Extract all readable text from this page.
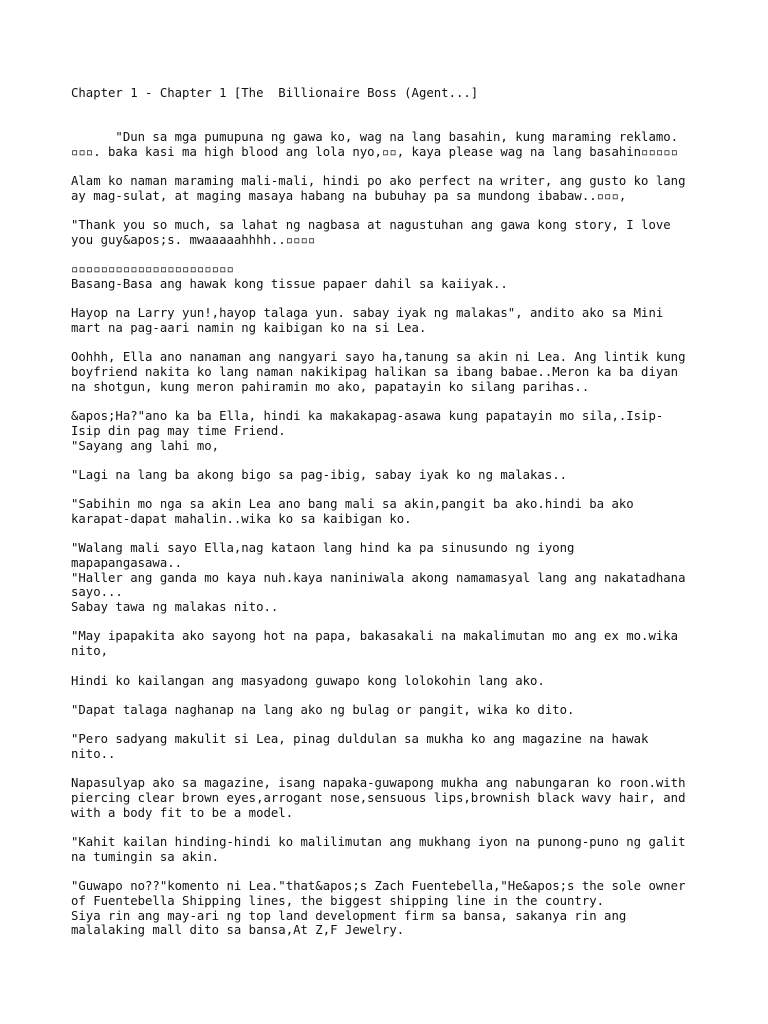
Chapter 1 - Chapter 1 [The  Billionaire Boss (Agent...]
"Dun sa mga pumupuna ng gawa ko, wag na lang basahin, kung maraming reklamo.
▫▫▫. baka kasi ma high blood ang lola nyo,▫▫, kaya please wag na lang basahin▫▫▫▫▫
Alam ko naman maraming mali-mali, hindi po ako perfect na writer, ang gusto ko lang
ay mag-sulat, at maging masaya habang na bubuhay pa sa mundong ibabaw..▫▫▫,
"Thank you so much, sa lahat ng nagbasa at nagustuhan ang gawa kong story, I love
you guy&apos;s. mwaaaaahhhh..▫▫▫▫
▫▫▫▫▫▫▫▫▫▫▫▫▫▫▫▫▫▫▫▫▫▫
Basang-Basa ang hawak kong tissue papaer dahil sa kaiiyak..
Hayop na Larry yun!,hayop talaga yun. sabay iyak ng malakas", andito ako sa Mini
mart na pag-aari namin ng kaibigan ko na si Lea.
Oohhh, Ella ano nanaman ang nangyari sayo ha,tanung sa akin ni Lea. Ang lintik kung
boyfriend nakita ko lang naman nakikipag halikan sa ibang babae..Meron ka ba diyan
na shotgun, kung meron pahiramin mo ako, papatayin ko silang parihas..
&apos;Ha?"ano ka ba Ella, hindi ka makakapag-asawa kung papatayin mo sila,.Isip-
Isip din pag may time Friend.
"Sayang ang lahi mo,
"Lagi na lang ba akong bigo sa pag-ibig, sabay iyak ko ng malakas..
"Sabihin mo nga sa akin Lea ano bang mali sa akin,pangit ba ako.hindi ba ako
karapat-dapat mahalin..wika ko sa kaibigan ko.
"Walang mali sayo Ella,nag kataon lang hind ka pa sinusundo ng iyong
mapapangasawa..
"Haller ang ganda mo kaya nuh.kaya naniniwala akong namamasyal lang ang nakatadhana
sayo...
Sabay tawa ng malakas nito..
"May ipapakita ako sayong hot na papa, bakasakali na makalimutan mo ang ex mo.wika
nito,
Hindi ko kailangan ang masyadong guwapo kong lolokohin lang ako.
"Dapat talaga naghanap na lang ako ng bulag or pangit, wika ko dito.
"Pero sadyang makulit si Lea, pinag duldulan sa mukha ko ang magazine na hawak
nito..
Napasulyap ako sa magazine, isang napaka-guwapong mukha ang nabungaran ko roon.with
piercing clear brown eyes,arrogant nose,sensuous lips,brownish black wavy hair, and
with a body fit to be a model.
"Kahit kailan hinding-hindi ko malilimutan ang mukhang iyon na punong-puno ng galit
na tumingin sa akin.
"Guwapo no??"komento ni Lea."that&apos;s Zach Fuentebella,"He&apos;s the sole owner
of Fuentebella Shipping lines, the biggest shipping line in the country.
Siya rin ang may-ari ng top land development firm sa bansa, sakanya rin ang
malalaking mall dito sa bansa,At Z,F Jewelry.
